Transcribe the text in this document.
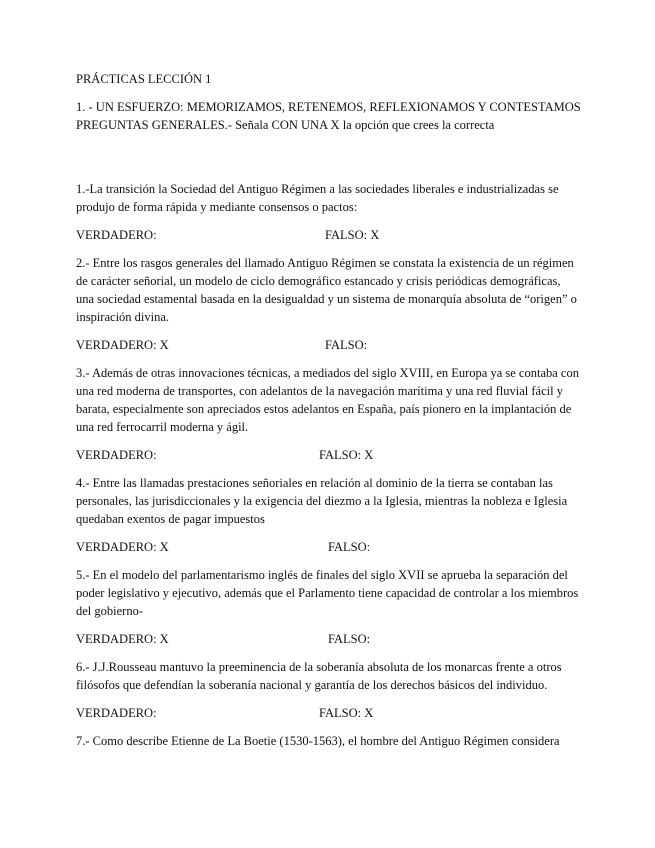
PRÁCTICAS LECCIÓN 1

1. - UN ESFUERZO: MEMORIZAMOS, RETENEMOS, REFLEXIONAMOS Y CONTESTAMOS PREGUNTAS GENERALES.- Señala CON UNA X la opción que crees la correcta

1.-La transición la Sociedad del Antiguo Régimen a las sociedades liberales e industrializadas se produjo de forma rápida y mediante consensos o pactos:

VERDADERO:	FALSO: X

2.- Entre los rasgos generales del llamado Antiguo Régimen se constata la existencia de un régimen de carácter señorial, un modelo de ciclo demográfico estancado y crisis periódicas demográficas, una sociedad estamental basada en la desigualdad y un sistema de monarquía absoluta de “origen” o inspiración divina.

VERDADERO: X	FALSO:

3.- Además de otras innovaciones técnicas, a mediados del siglo XVIII, en Europa ya se contaba con una red moderna de transportes, con adelantos de la navegación marítima y una red fluvial fácil y barata, especialmente son apreciados estos adelantos en España, país pionero en la implantación de una red ferrocarril moderna y ágil.

VERDADERO:	FALSO: X

4.- Entre las llamadas prestaciones señoriales en relación al dominio de la tierra se contaban las personales, las jurisdiccionales y la exigencia del diezmo a la Iglesia, mientras la nobleza e Iglesia quedaban exentos de pagar impuestos

VERDADERO: X	FALSO:

5.- En el modelo del parlamentarismo inglés de finales del siglo XVII se aprueba la separación del poder legislativo y ejecutivo, además que el Parlamento tiene capacidad de controlar a los miembros del gobierno-

VERDADERO: X	FALSO:

6.- J.J.Rousseau mantuvo la preeminencia de la soberanía absoluta de los monarcas frente a otros filósofos que defendían la soberanía nacional y garantía de los derechos básicos del individuo.

VERDADERO:	FALSO: X

7.- Como describe Etienne de La Boetie (1530-1563), el hombre del Antiguo Régimen considera
